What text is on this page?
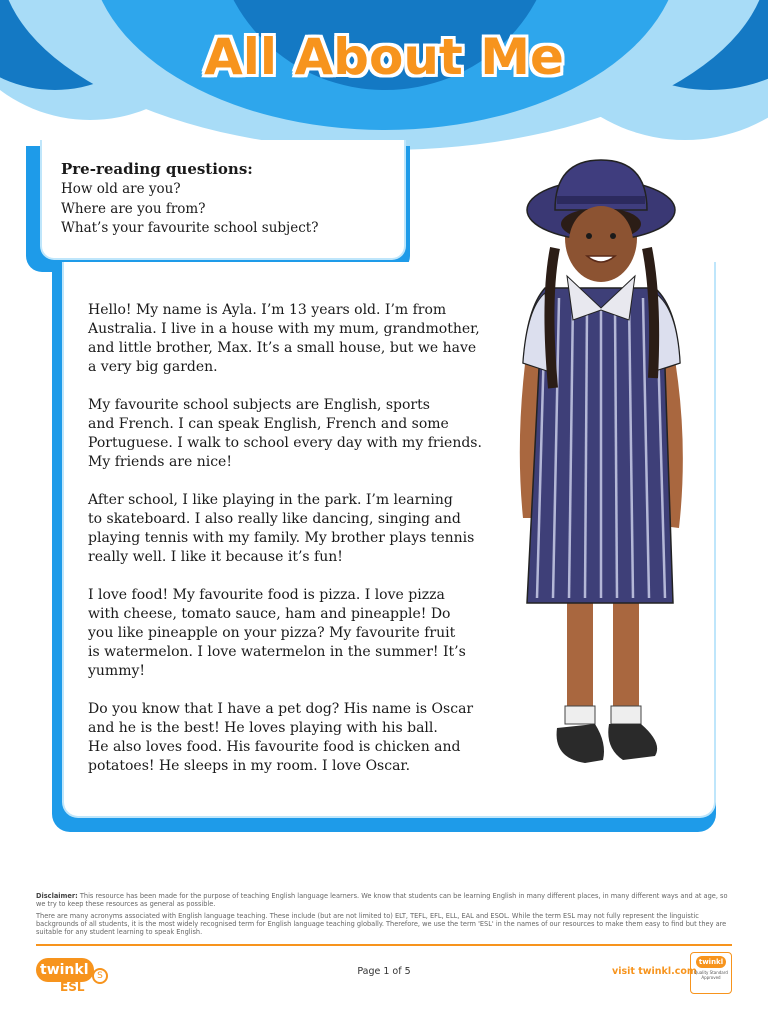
All About Me
Pre-reading questions:
How old are you?
Where are you from?
What’s your favourite school subject?
Hello! My name is Ayla. I’m 13 years old. I’m from
Australia. I live in a house with my mum, grandmother,
and little brother, Max. It’s a small house, but we have
a very big garden.
My favourite school subjects are English, sports
and French. I can speak English, French and some
Portuguese. I walk to school every day with my friends.
My friends are nice!
After school, I like playing in the park. I’m learning
to skateboard. I also really like dancing, singing and
playing tennis with my family. My brother plays tennis
really well. I like it because it’s fun!
I love food! My favourite food is pizza. I love pizza
with cheese, tomato sauce, ham and pineapple! Do
you like pineapple on your pizza? My favourite fruit
is watermelon. I love watermelon in the summer! It’s
yummy!
Do you know that I have a pet dog? His name is Oscar
and he is the best! He loves playing with his ball.
He also loves food. His favourite food is chicken and
potatoes! He sleeps in my room. I love Oscar.
Disclaimer: This resource has been made for the purpose of teaching English language learners. We know that students can be learning English in many different places, in many different ways and at age, so we try to keep these resources as general as possible.
There are many acronyms associated with English language teaching. These include (but are not limited to) ELT, TEFL, EFL, ELL, EAL and ESOL. While the term ESL may not fully represent the linguistic backgrounds of all students, it is the most widely recognised term for English language teaching globally. Therefore, we use the term 'ESL' in the names of our resources to make them easy to find but they are suitable for any student learning to speak English.
twinkl
ESL
S	Page 1 of 5	visit twinkl.com
twinkl
Quality Standard Approved
